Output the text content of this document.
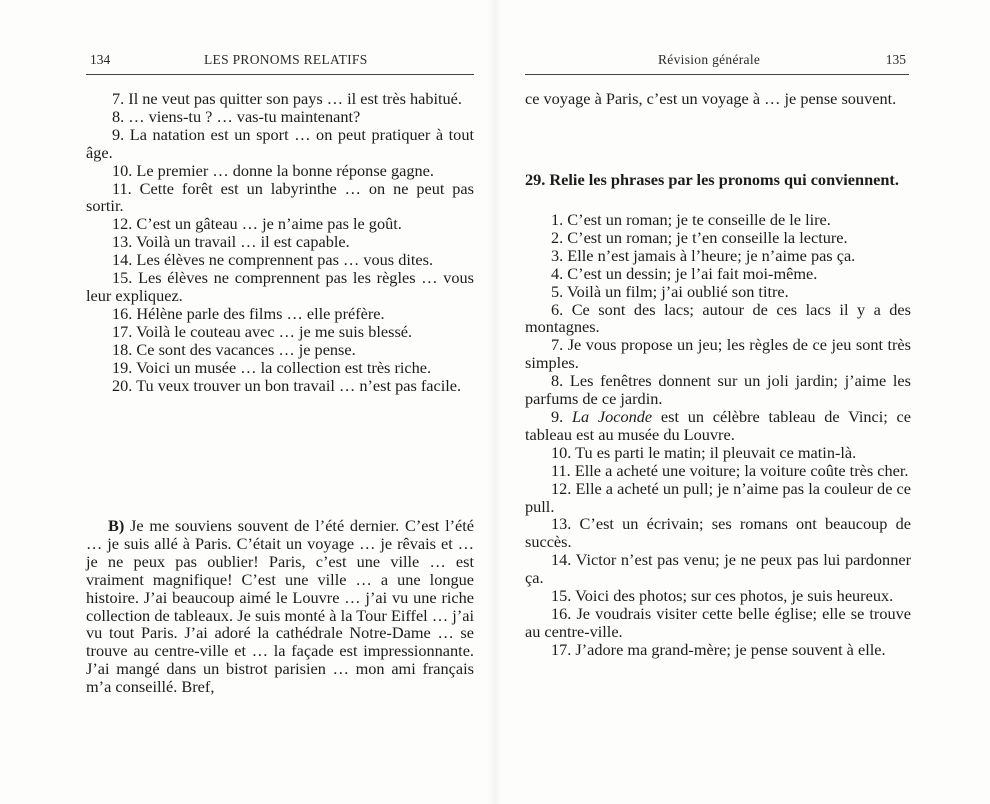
134	LES PRONOMS RELATIFS

7. Il ne veut pas quitter son pays … il est très habitué.

8. … viens-tu ? … vas-tu maintenant?

9. La natation est un sport … on peut pratiquer à tout âge.

10. Le premier … donne la bonne réponse gagne.

11. Cette forêt est un labyrinthe … on ne peut pas sortir.

12. C’est un gâteau … je n’aime pas le goût.

13. Voilà un travail … il est capable.

14. Les élèves ne comprennent pas … vous dites.

15. Les élèves ne comprennent pas les règles … vous leur expliquez.

16. Hélène parle des films … elle préfère.

17. Voilà le couteau avec … je me suis blessé.

18. Ce sont des vacances … je pense.

19. Voici un musée … la collection est très riche.

20. Tu veux trouver un bon travail … n’est pas facile.

B) Je me souviens souvent de l’été dernier. C’est l’été … je suis allé à Paris. C’était un voyage … je rêvais et … je ne peux pas oublier! Paris, c’est une ville … est vraiment magnifique! C’est une ville … a une longue histoire. J’ai beaucoup aimé le Louvre … j’ai vu une riche collection de tableaux. Je suis monté à la Tour Eiffel … j’ai vu tout Paris. J’ai adoré la cathédrale Notre-Dame … se trouve au centre-ville et … la façade est impressionnante. J’ai mangé dans un bistrot parisien … mon ami français m’a conseillé. Bref,

Révision générale	135
ce voyage à Paris, c’est un voyage à … je pense souvent.
29. Relie les phrases par les pronoms qui conviennent.

1. C’est un roman; je te conseille de le lire.

2. C’est un roman; je t’en conseille la lecture.

3. Elle n’est jamais à l’heure; je n’aime pas ça.

4. C’est un dessin; je l’ai fait moi-même.

5. Voilà un film; j’ai oublié son titre.

6. Ce sont des lacs; autour de ces lacs il y a des montagnes.

7. Je vous propose un jeu; les règles de ce jeu sont très simples.

8. Les fenêtres donnent sur un joli jardin; j’aime les parfums de ce jardin.

9. La Joconde est un célèbre tableau de Vinci; ce tableau est au musée du Louvre.

10. Tu es parti le matin; il pleuvait ce matin-là.

11. Elle a acheté une voiture; la voiture coûte très cher.

12. Elle a acheté un pull; je n’aime pas la couleur de ce pull.

13. C’est un écrivain; ses romans ont beaucoup de succès.

14. Victor n’est pas venu; je ne peux pas lui pardonner ça.

15. Voici des photos; sur ces photos, je suis heureux.

16. Je voudrais visiter cette belle église; elle se trouve au centre-ville.

17. J’adore ma grand-mère; je pense souvent à elle.
